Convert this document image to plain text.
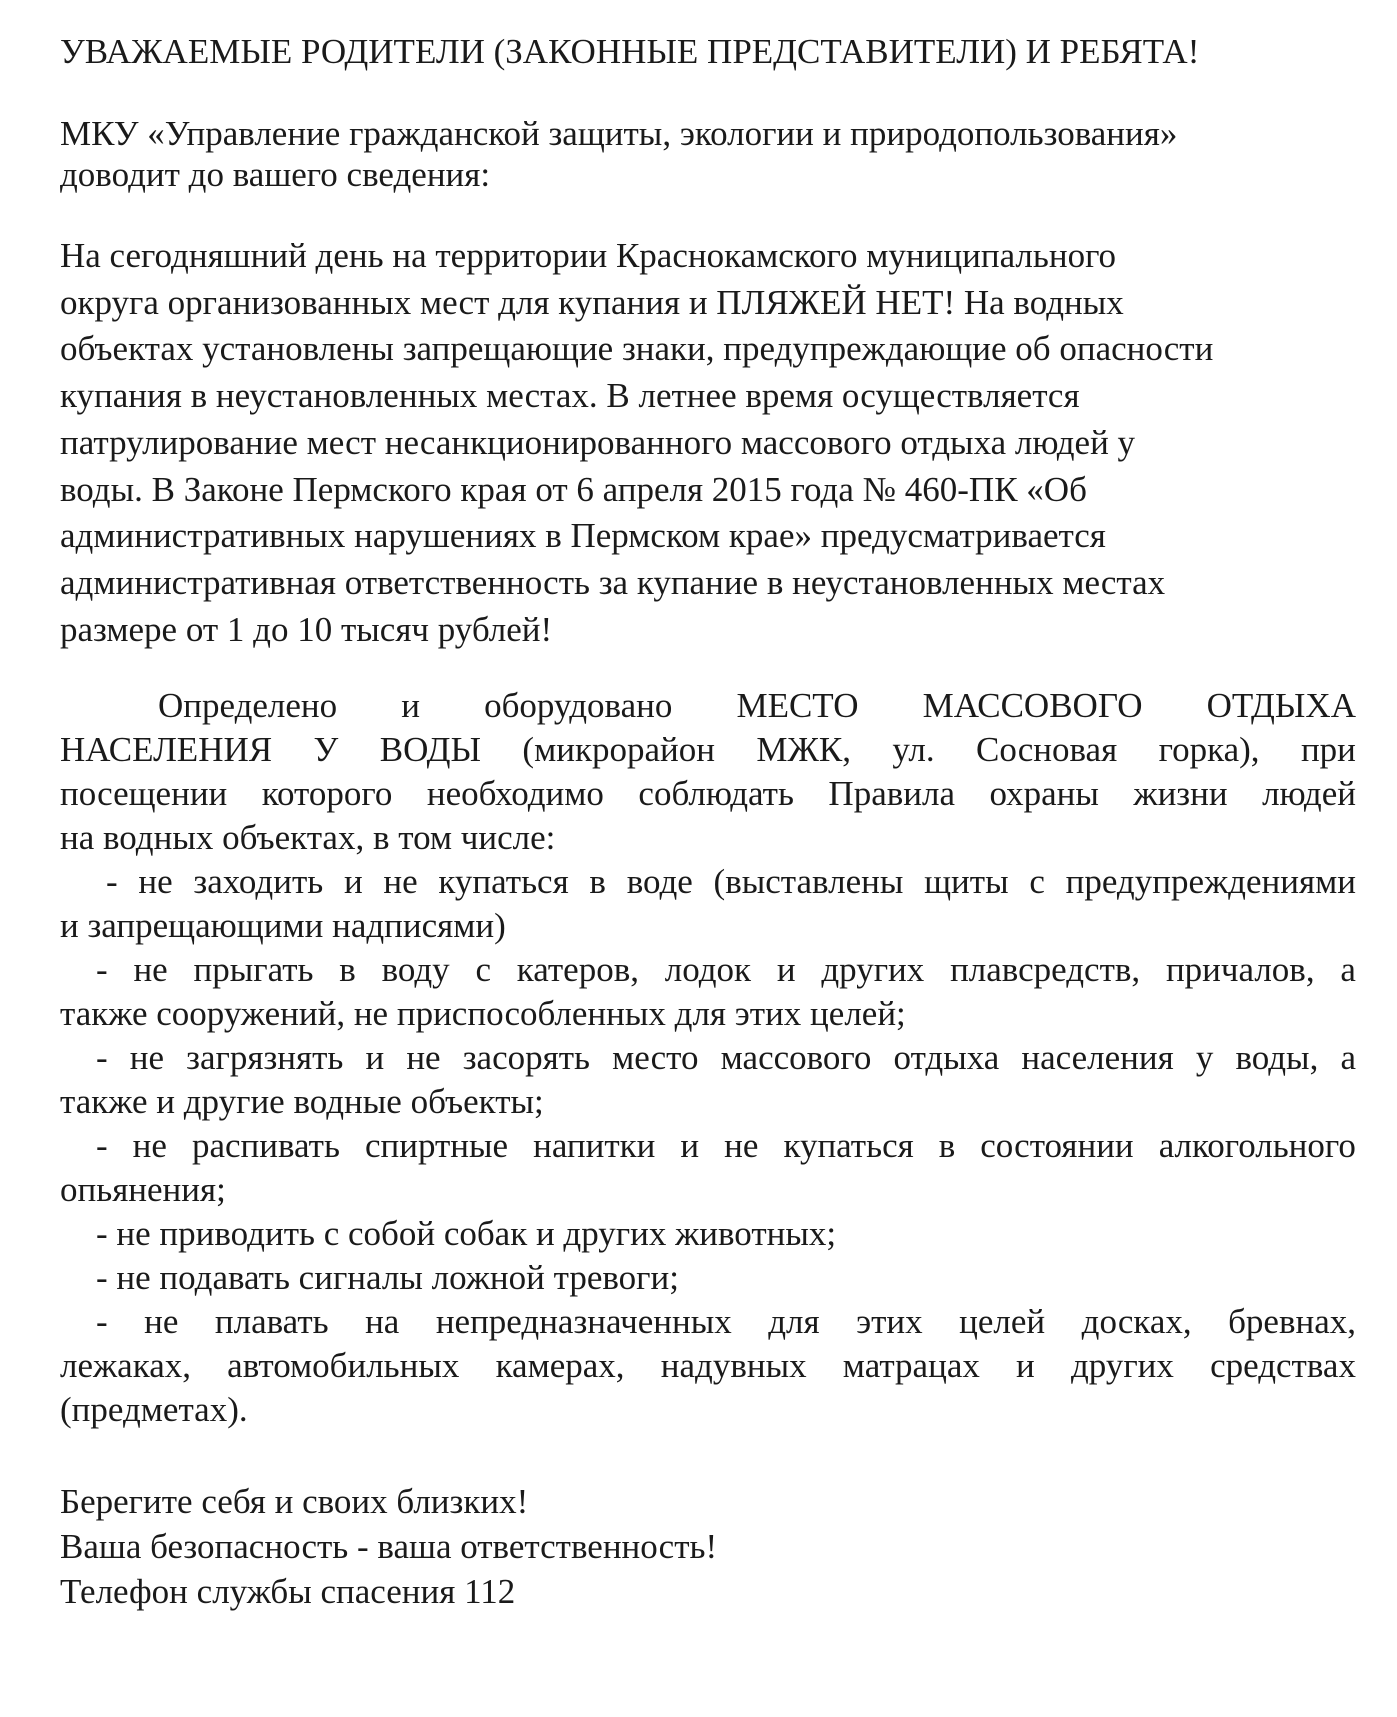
УВАЖАЕМЫЕ РОДИТЕЛИ (ЗАКОННЫЕ ПРЕДСТАВИТЕЛИ) И РЕБЯТА!
МКУ «Управление гражданской защиты, экологии и природопользования»
доводит до вашего сведения:
На сегодняшний день на территории Краснокамского муниципального
округа организованных мест для купания и ПЛЯЖЕЙ НЕТ! На водных
объектах установлены запрещающие знаки, предупреждающие об опасности
купания в неустановленных местах. В летнее время осуществляется
патрулирование мест несанкционированного массового отдыха людей у
воды. В Законе Пермского края от 6 апреля 2015 года № 460-ПК «Об
административных нарушениях в Пермском крае» предусматривается
административная ответственность за купание в неустановленных местах
размере от 1 до 10 тысяч рублей!
Определено и оборудовано МЕСТО МАССОВОГО ОТДЫХА
НАСЕЛЕНИЯ У ВОДЫ (микрорайон МЖК, ул. Сосновая горка), при
посещении которого необходимо соблюдать Правила охраны жизни людей
на водных объектах, в том числе:
- не заходить и не купаться в воде (выставлены щиты с предупреждениями
и запрещающими надписями)
- не прыгать в воду с катеров, лодок и других плавсредств, причалов, а
также сооружений, не приспособленных для этих целей;
- не загрязнять и не засорять место массового отдыха населения у воды, а
также и другие водные объекты;
- не распивать спиртные напитки и не купаться в состоянии алкогольного
опьянения;
- не приводить с собой собак и других животных;
- не подавать сигналы ложной тревоги;
- не плавать на непредназначенных для этих целей досках, бревнах,
лежаках, автомобильных камерах, надувных матрацах и других средствах
(предметах).
Берегите себя и своих близких!
Ваша безопасность - ваша ответственность!
Телефон службы спасения 112
